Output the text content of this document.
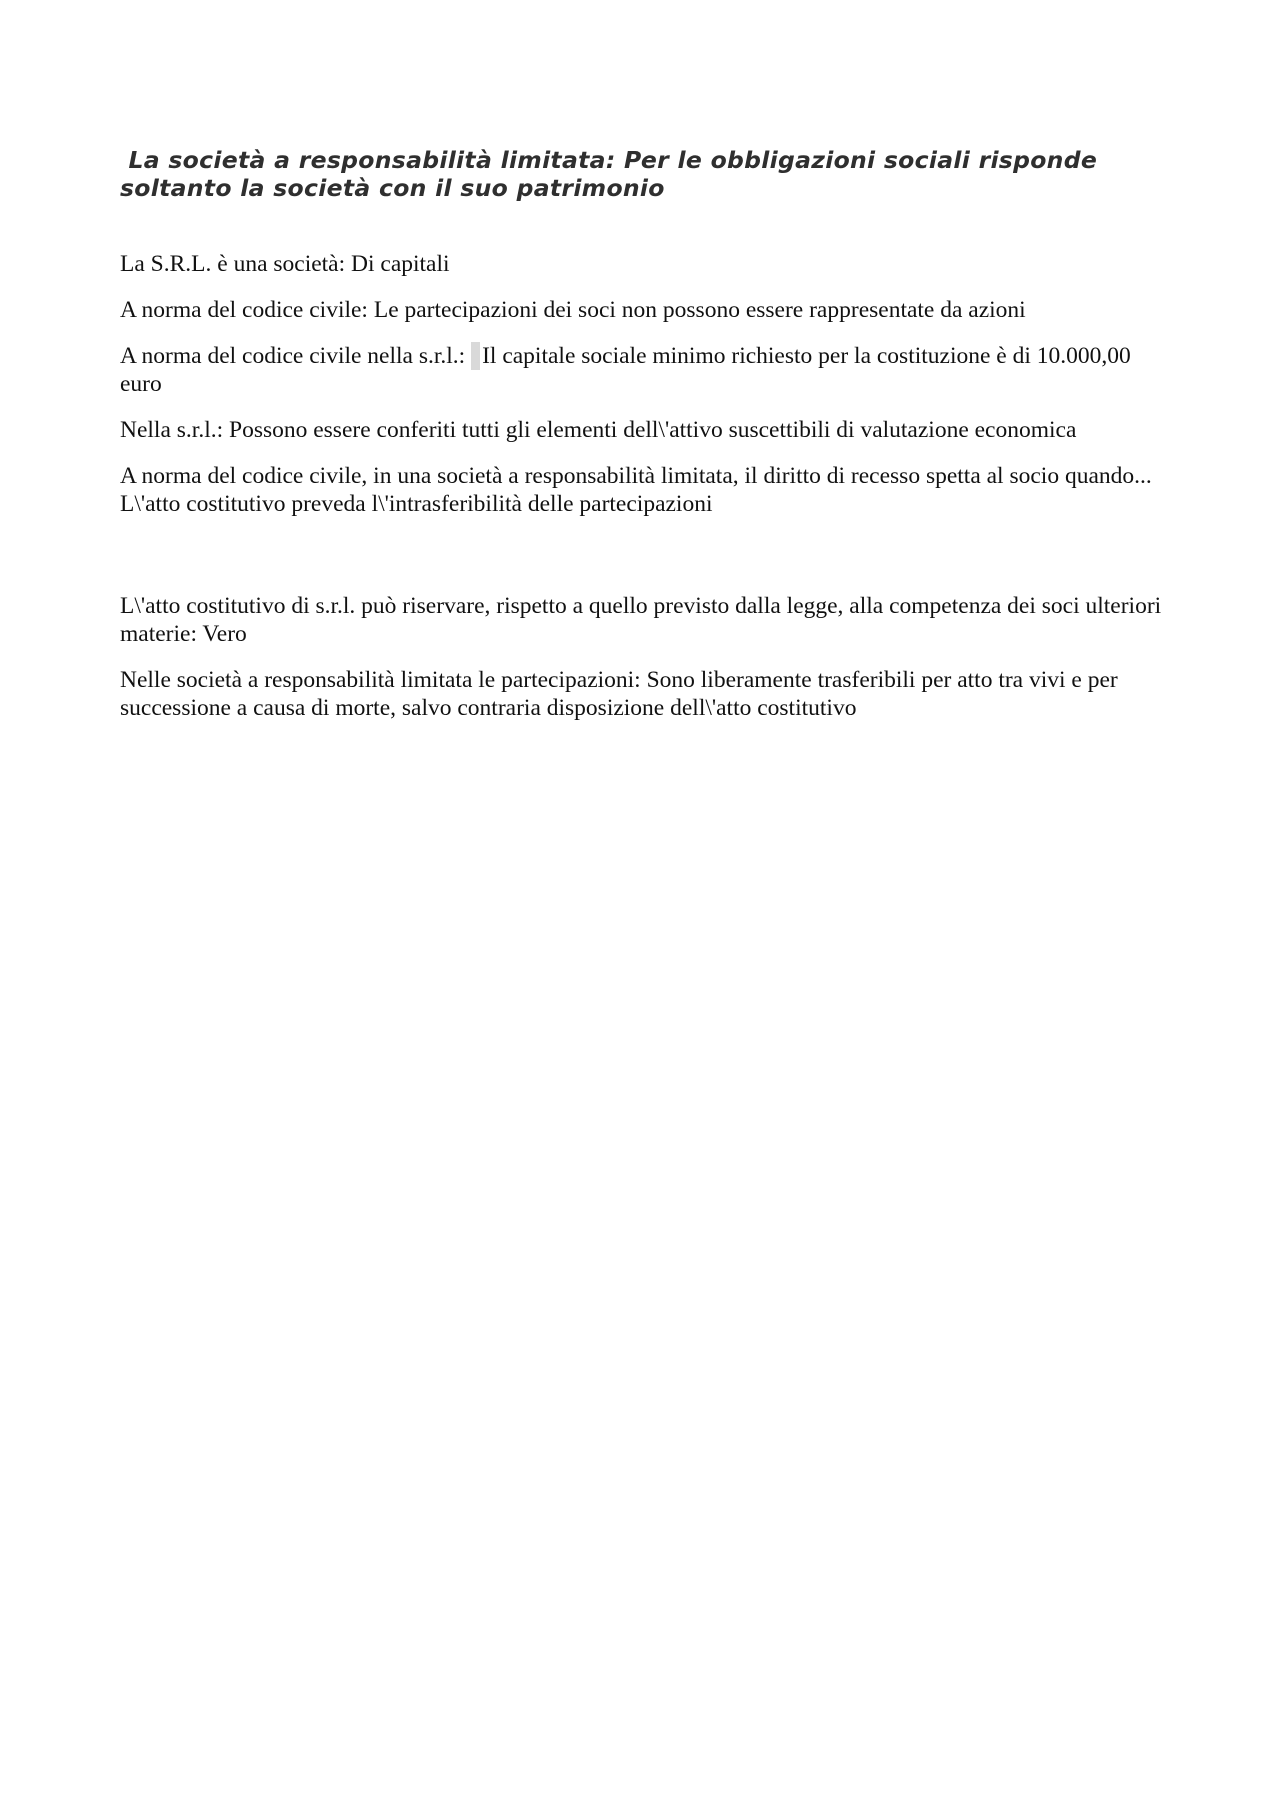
La società a responsabilità limitata: Per le obbligazioni sociali risponde soltanto la società con il suo patrimonio

La S.R.L. è una società: Di capitali

A norma del codice civile: Le partecipazioni dei soci non possono essere rappresentate da azioni

A norma del codice civile nella s.r.l.: Il capitale sociale minimo richiesto per la costituzione è di 10.000,00 euro

Nella s.r.l.: Possono essere conferiti tutti gli elementi dell\'attivo suscettibili di valutazione economica

A norma del codice civile, in una società a responsabilità limitata, il diritto di recesso spetta al socio quando... L\'atto costitutivo preveda l\'intrasferibilità delle partecipazioni

L\'atto costitutivo di s.r.l. può riservare, rispetto a quello previsto dalla legge, alla competenza dei soci ulteriori materie: Vero

Nelle società a responsabilità limitata le partecipazioni: Sono liberamente trasferibili per atto tra vivi e per successione a causa di morte, salvo contraria disposizione dell\'atto costitutivo
